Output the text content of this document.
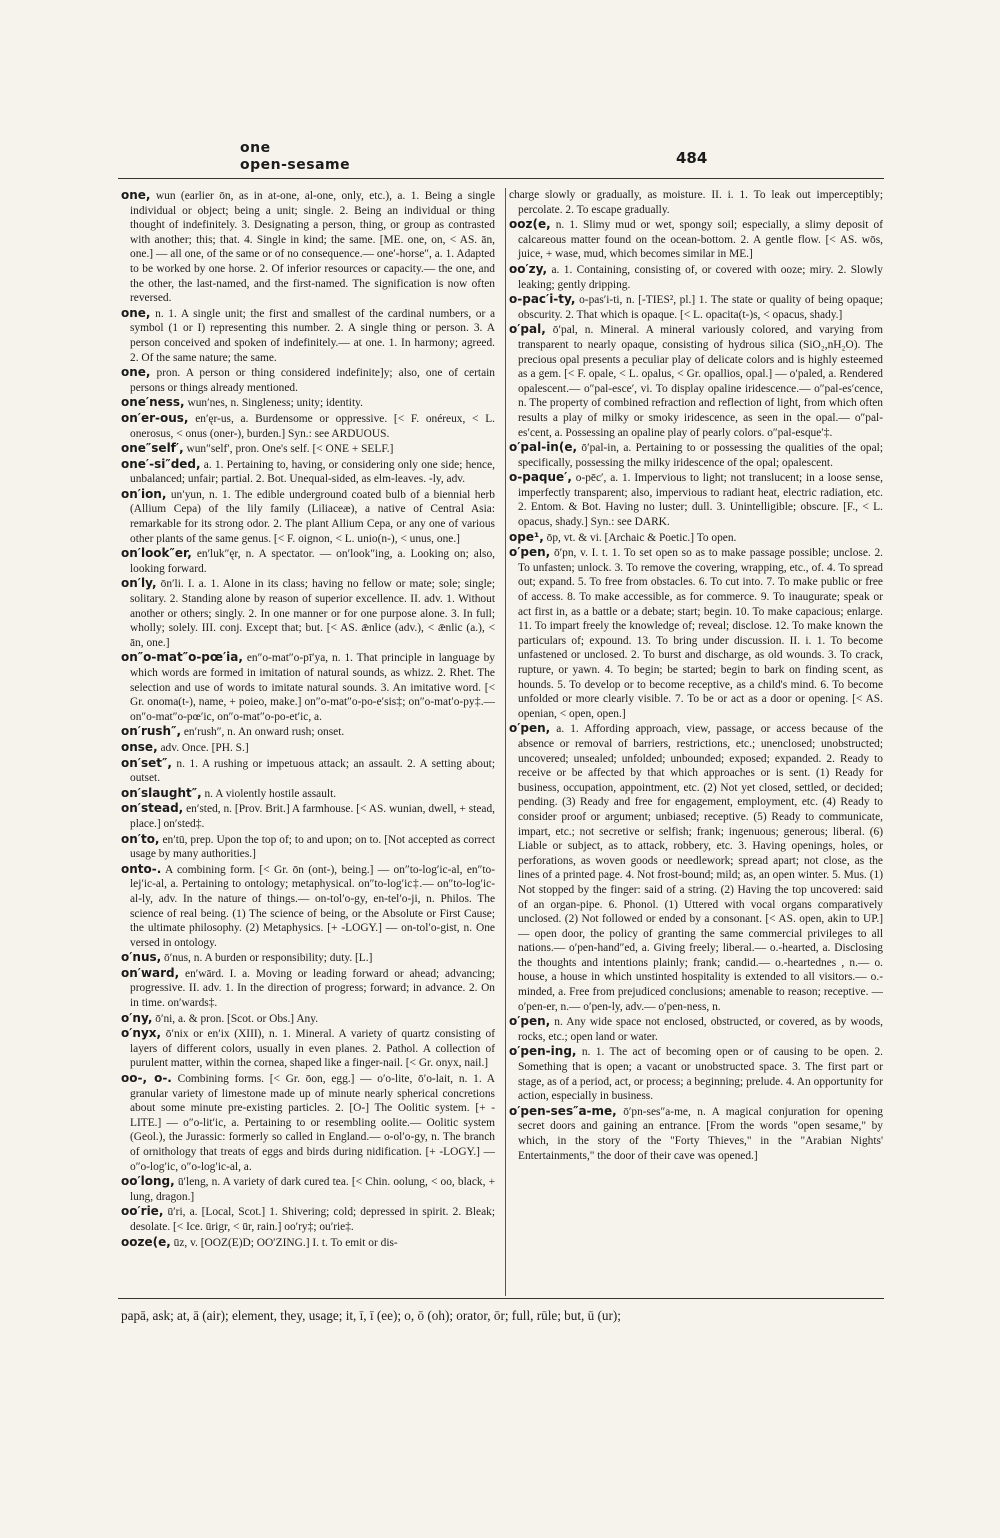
one
open-sesame	484

one, wun (earlier ōn, as in at-one, al-one, only, etc.), a. 1. Being a single individual or object; being a unit; single. 2. Being an individual or thing thought of indefinitely. 3. Designating a person, thing, or group as contrasted with another; this; that. 4. Single in kind; the same. [ME. one, on, < AS. ān, one.] — all one, of the same or of no consequence.— one′-horse″, a. 1. Adapted to be worked by one horse. 2. Of inferior resources or capacity.— the one, and the other, the last-named, and the first-named. The signification is now often reversed.

one, n. 1. A single unit; the first and smallest of the cardinal numbers, or a symbol (1 or I) representing this number. 2. A single thing or person. 3. A person conceived and spoken of indefinitely.— at one. 1. In harmony; agreed. 2. Of the same nature; the same.

one, pron. A person or thing considered indefinite]y; also, one of certain persons or things already mentioned.

one′ness, wun′nes, n. Singleness; unity; identity.

on′er-ous, en′ęr-us, a. Burdensome or oppressive. [< F. onéreux, < L. onerosus, < onus (oner-), burden.] Syn.: see ARDUOUS.

one″self′, wun″self′, pron. One's self. [< ONE + SELF.]

one′-si″ded, a. 1. Pertaining to, having, or considering only one side; hence, unbalanced; unfair; partial. 2. Bot. Unequal-sided, as elm-leaves. -ly, adv.

on′ion, un′yun, n. 1. The edible underground coated bulb of a biennial herb (Allium Cepa) of the lily family (Liliaceæ), a native of Central Asia: remarkable for its strong odor. 2. The plant Allium Cepa, or any one of various other plants of the same genus. [< F. oignon, < L. unio(n-), < unus, one.]

on′look″er, en′luk″ęr, n. A spectator. — on′look″ing, a. Looking on; also, looking forward.

on′ly, ōn′li. I. a. 1. Alone in its class; having no fellow or mate; sole; single; solitary. 2. Standing alone by reason of superior excellence. II. adv. 1. Without another or others; singly. 2. In one manner or for one purpose alone. 3. In full; wholly; solely. III. conj. Except that; but. [< AS. ǣnlice (adv.), < ǣnlic (a.), < ān, one.]

on″o-mat″o-pœ′ia, en″o-mat″o-pī′ya, n. 1. That principle in language by which words are formed in imitation of natural sounds, as whizz. 2. Rhet. The selection and use of words to imitate natural sounds. 3. An imitative word. [< Gr. onoma(t-), name, + poieo, make.] on″o-mat″o-po-e′sis‡; on″o-mat′o-py‡.— on″o-mat″o-pœ′ic, on″o-mat″o-po-et′ic, a.

on′rush″, en′rush″, n. An onward rush; onset.

onse, adv. Once. [PH. S.]

on′set″, n. 1. A rushing or impetuous attack; an assault. 2. A setting about; outset.

on′slaught″, n. A violently hostile assault.

on′stead, en′sted, n. [Prov. Brit.] A farmhouse. [< AS. wunian, dwell, + stead, place.] on′sted‡.

on′to, en′tū, prep. Upon the top of; to and upon; on to. [Not accepted as correct usage by many authorities.]

onto-. A combining form. [< Gr. ōn (ont-), being.] — on″to-log′ic-al, en″to-lej′ic-al, a. Pertaining to ontology; metaphysical. on″to-log′ic‡.— on″to-log′ic-al-ly, adv. In the nature of things.— on-tol′o-gy, en-tel′o-ji, n. Philos. The science of real being. (1) The science of being, or the Absolute or First Cause; the ultimate philosophy. (2) Metaphysics. [+ -LOGY.] — on-tol′o-gist, n. One versed in ontology.

o′nus, ō′nus, n. A burden or responsibility; duty. [L.]

on′ward, en′wārd. I. a. Moving or leading forward or ahead; advancing; progressive. II. adv. 1. In the direction of progress; forward; in advance. 2. On in time. on′wards‡.

o′ny, ō′ni, a. & pron. [Scot. or Obs.] Any.

o′nyx, ō′nix or en′ix (XIII), n. 1. Mineral. A variety of quartz consisting of layers of different colors, usually in even planes. 2. Pathol. A collection of purulent matter, within the cornea, shaped like a finger-nail. [< Gr. onyx, nail.]

oo-, o-. Combining forms. [< Gr. ōon, egg.] — o′o-lite, ō′o-lait, n. 1. A granular variety of limestone made up of minute nearly spherical concretions about some minute pre-existing particles. 2. [O-] The Oolitic system. [+ -LITE.] — o″o-lit′ic, a. Pertaining to or resembling oolite.— Oolitic system (Geol.), the Jurassic: formerly so called in England.— o-ol′o-gy, n. The branch of ornithology that treats of eggs and birds during nidification. [+ -LOGY.] — o″o-log′ic, o″o-log′ic-al, a.

oo′long, ū′leng, n. A variety of dark cured tea. [< Chin. oolung, < oo, black, + lung, dragon.]

oo′rie, ū′ri, a. [Local, Scot.] 1. Shivering; cold; depressed in spirit. 2. Bleak; desolate. [< Ice. ūrigr, < ūr, rain.] oo′ry‡; ou′rie‡.

ooze(e, ūz, v. [OOZ(E)D; OO′ZING.] I. t. To emit or dis-

charge slowly or gradually, as moisture. II. i. 1. To leak out imperceptibly; percolate. 2. To escape gradually.

ooz(e, n. 1. Slimy mud or wet, spongy soil; especially, a slimy deposit of calcareous matter found on the ocean-bottom. 2. A gentle flow. [< AS. wōs, juice, + wase, mud, which becomes similar in ME.]

oo′zy, a. 1. Containing, consisting of, or covered with ooze; miry. 2. Slowly leaking; gently dripping.

o-pac′i-ty, o-pas′i-ti, n. [-TIES², pl.] 1. The state or quality of being opaque; obscurity. 2. That which is opaque. [< L. opacita(t-)s, < opacus, shady.]

o′pal, ō′pal, n. Mineral. A mineral variously colored, and varying from transparent to nearly opaque, consisting of hydrous silica (SiO₂,nH₂O). The precious opal presents a peculiar play of delicate colors and is highly esteemed as a gem. [< F. opale, < L. opalus, < Gr. opallios, opal.] — o′paled, a. Rendered opalescent.— o″pal-esce′, vi. To display opaline iridescence.— o″pal-es′cence, n. The property of combined refraction and reflection of light, from which often results a play of milky or smoky iridescence, as seen in the opal.— o″pal-es′cent, a. Possessing an opaline play of pearly colors. o″pal-esque′‡.

o′pal-in(e, ō′pal-in, a. Pertaining to or possessing the qualities of the opal; specifically, possessing the milky iridescence of the opal; opalescent.

o-paque′, o-pēc′, a. 1. Impervious to light; not translucent; in a loose sense, imperfectly transparent; also, impervious to radiant heat, electric radiation, etc. 2. Entom. & Bot. Having no luster; dull. 3. Unintelligible; obscure. [F., < L. opacus, shady.] Syn.: see DARK.

ope¹, ōp, vt. & vi. [Archaic & Poetic.] To open.

o′pen, ō′pn, v. I. t. 1. To set open so as to make passage possible; unclose. 2. To unfasten; unlock. 3. To remove the covering, wrapping, etc., of. 4. To spread out; expand. 5. To free from obstacles. 6. To cut into. 7. To make public or free of access. 8. To make accessible, as for commerce. 9. To inaugurate; speak or act first in, as a battle or a debate; start; begin. 10. To make capacious; enlarge. 11. To impart freely the knowledge of; reveal; disclose. 12. To make known the particulars of; expound. 13. To bring under discussion. II. i. 1. To become unfastened or unclosed. 2. To burst and discharge, as old wounds. 3. To crack, rupture, or yawn. 4. To begin; be started; begin to bark on finding scent, as hounds. 5. To develop or to become receptive, as a child's mind. 6. To become unfolded or more clearly visible. 7. To be or act as a door or opening. [< AS. openian, < open, open.]

o′pen, a. 1. Affording approach, view, passage, or access because of the absence or removal of barriers, restrictions, etc.; unenclosed; unobstructed; uncovered; unsealed; unfolded; unbounded; exposed; expanded. 2. Ready to receive or be affected by that which approaches or is sent. (1) Ready for business, occupation, appointment, etc. (2) Not yet closed, settled, or decided; pending. (3) Ready and free for engagement, employment, etc. (4) Ready to consider proof or argument; unbiased; receptive. (5) Ready to communicate, impart, etc.; not secretive or selfish; frank; ingenuous; generous; liberal. (6) Liable or subject, as to attack, robbery, etc. 3. Having openings, holes, or perforations, as woven goods or needlework; spread apart; not close, as the lines of a printed page. 4. Not frost-bound; mild; as, an open winter. 5. Mus. (1) Not stopped by the finger: said of a string. (2) Having the top uncovered: said of an organ-pipe. 6. Phonol. (1) Uttered with vocal organs comparatively unclosed. (2) Not followed or ended by a consonant. [< AS. open, akin to UP.] — open door, the policy of granting the same commercial privileges to all nations.— o′pen-hand″ed, a. Giving freely; liberal.— o.-hearted, a. Disclosing the thoughts and intentions plainly; frank; candid.— o.-heartednes , n.— o. house, a house in which unstinted hospitality is extended to all visitors.— o.-minded, a. Free from prejudiced conclusions; amenable to reason; receptive. — o′pen-er, n.— o′pen-ly, adv.— o′pen-ness, n.

o′pen, n. Any wide space not enclosed, obstructed, or covered, as by woods, rocks, etc.; open land or water.

o′pen-ing, n. 1. The act of becoming open or of causing to be open. 2. Something that is open; a vacant or unobstructed space. 3. The first part or stage, as of a period, act, or process; a beginning; prelude. 4. An opportunity for action, especially in business.

o′pen-ses″a-me, ō′pn-ses″a-me, n. A magical conjuration for opening secret doors and gaining an entrance. [From the words "open sesame," by which, in the story of the "Forty Thieves," in the "Arabian Nights' Entertainments," the door of their cave was opened.]

papā, ask; at, ā (air); element, they, usage; it, ī, ī (ee); o, ō (oh); orator, ōr; full, rūle; but, ū (ur);
